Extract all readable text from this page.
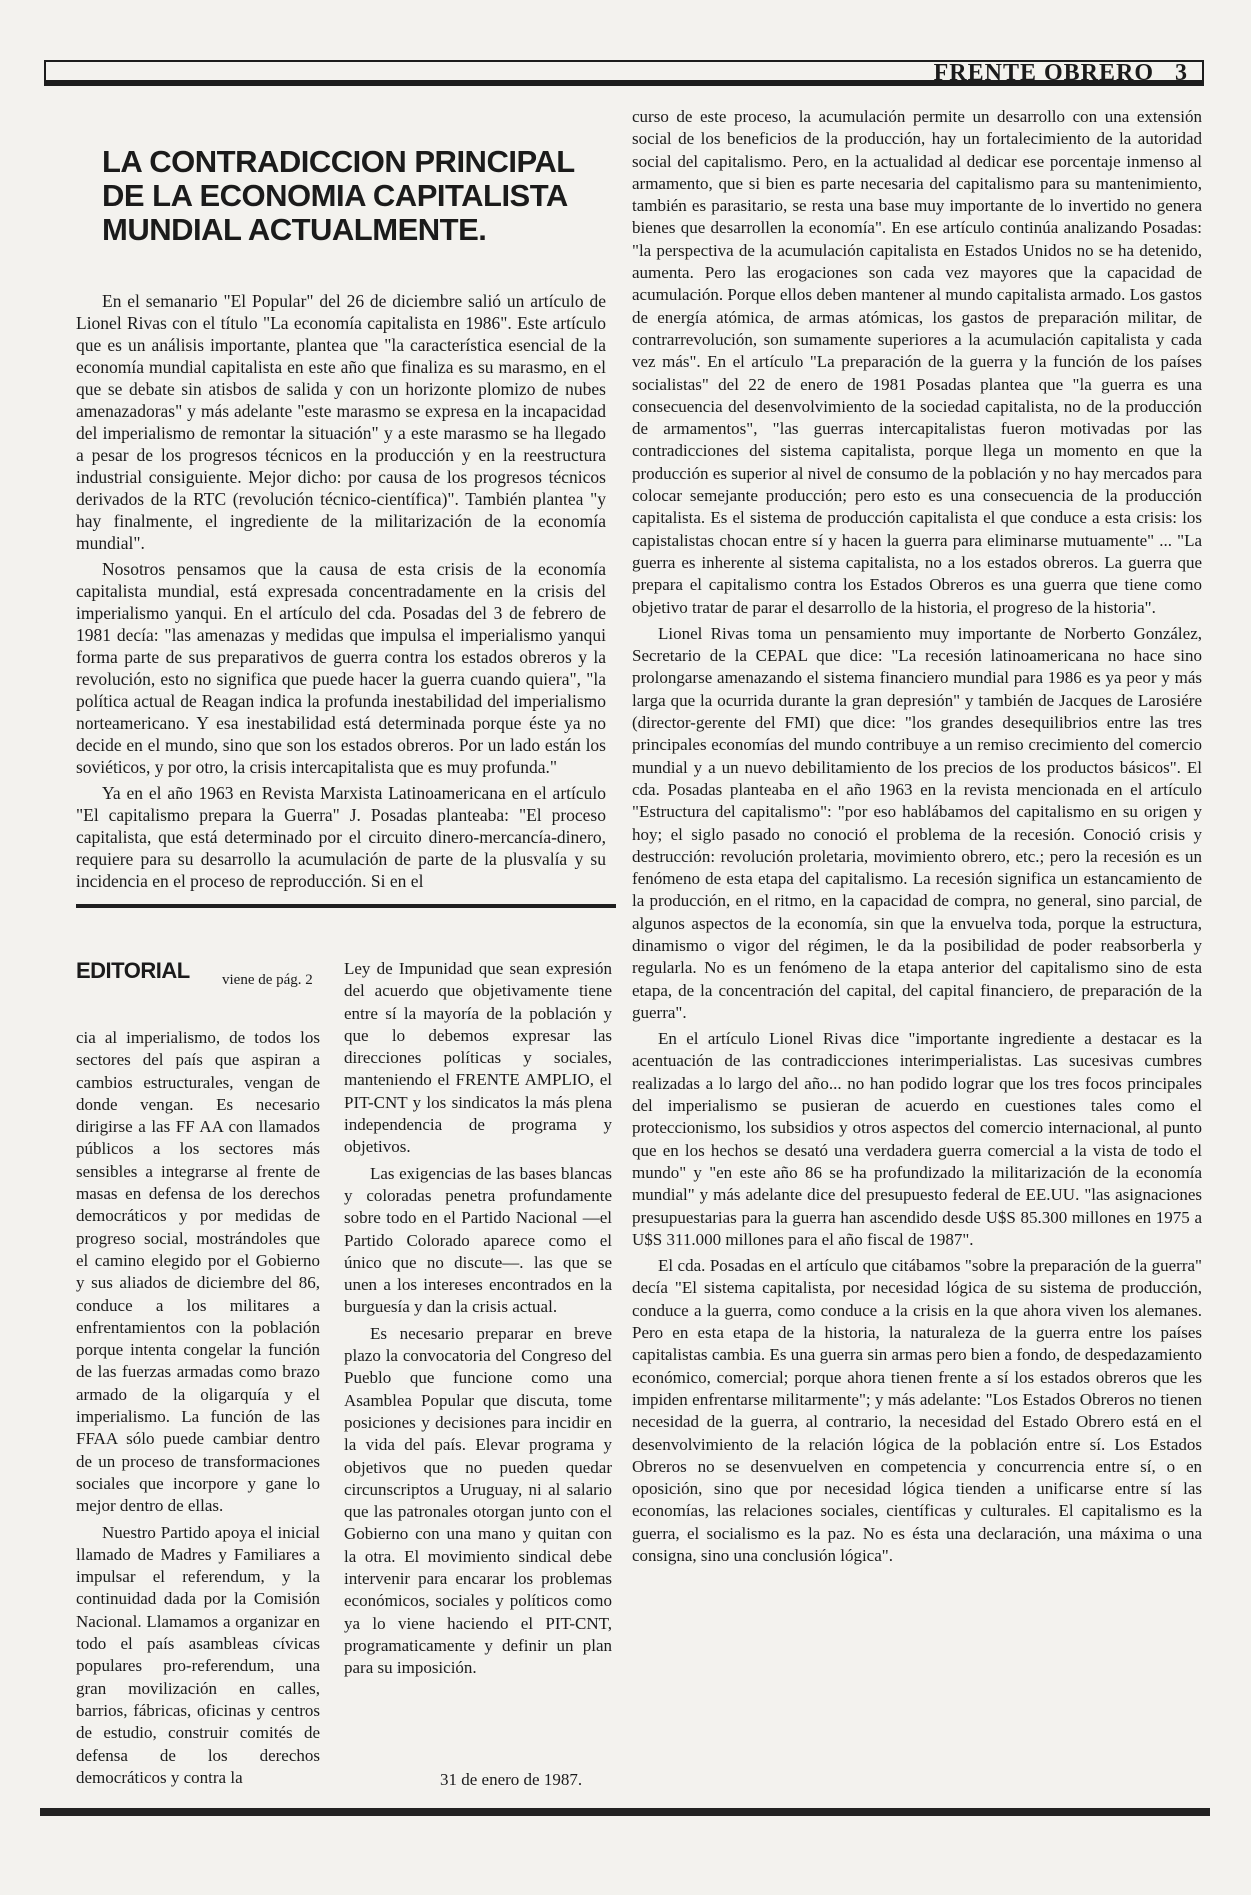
FRENTE OBRERO 3
LA CONTRADICCION PRINCIPAL DE LA ECONOMIA CAPITALISTA MUNDIAL ACTUALMENTE.

En el semanario "El Popular" del 26 de diciembre salió un artículo de Lionel Rivas con el título "La economía capitalista en 1986". Este artículo que es un análisis importante, plantea que "la característica esencial de la economía mundial capitalista en este año que finaliza es su marasmo, en el que se debate sin atisbos de salida y con un horizonte plomizo de nubes amenazadoras" y más adelante "este marasmo se expresa en la incapacidad del imperialismo de remontar la situación" y a este marasmo se ha llegado a pesar de los progresos técnicos en la producción y en la reestructura industrial consiguiente. Mejor dicho: por causa de los progresos técnicos derivados de la RTC (revolución técnico-científica)". También plantea "y hay finalmente, el ingrediente de la militarización de la economía mundial".

Nosotros pensamos que la causa de esta crisis de la economía capitalista mundial, está expresada concentradamente en la crisis del imperialismo yanqui. En el artículo del cda. Posadas del 3 de febrero de 1981 decía: "las amenazas y medidas que impulsa el imperialismo yanqui forma parte de sus preparativos de guerra contra los estados obreros y la revolución, esto no significa que puede hacer la guerra cuando quiera", "la política actual de Reagan indica la profunda inestabilidad del imperialismo norteamericano. Y esa inestabilidad está determinada porque éste ya no decide en el mundo, sino que son los estados obreros. Por un lado están los soviéticos, y por otro, la crisis intercapitalista que es muy profunda."

Ya en el año 1963 en Revista Marxista Latinoamericana en el artículo "El capitalismo prepara la Guerra" J. Posadas planteaba: "El proceso capitalista, que está determinado por el circuito dinero-mercancía-dinero, requiere para su desarrollo la acumulación de parte de la plusvalía y su incidencia en el proceso de reproducción. Si en el

curso de este proceso, la acumulación permite un desarrollo con una extensión social de los beneficios de la producción, hay un fortalecimiento de la autoridad social del capitalismo. Pero, en la actualidad al dedicar ese porcentaje inmenso al armamento, que si bien es parte necesaria del capitalismo para su mantenimiento, también es parasitario, se resta una base muy importante de lo invertido no genera bienes que desarrollen la economía". En ese artículo continúa analizando Posadas: "la perspectiva de la acumulación capitalista en Estados Unidos no se ha detenido, aumenta. Pero las erogaciones son cada vez mayores que la capacidad de acumulación. Porque ellos deben mantener al mundo capitalista armado. Los gastos de energía atómica, de armas atómicas, los gastos de preparación militar, de contrarrevolución, son sumamente superiores a la acumulación capitalista y cada vez más". En el artículo "La preparación de la guerra y la función de los países socialistas" del 22 de enero de 1981 Posadas plantea que "la guerra es una consecuencia del desenvolvimiento de la sociedad capitalista, no de la producción de armamentos", "las guerras intercapitalistas fueron motivadas por las contradicciones del sistema capitalista, porque llega un momento en que la producción es superior al nivel de consumo de la población y no hay mercados para colocar semejante producción; pero esto es una consecuencia de la producción capitalista. Es el sistema de producción capitalista el que conduce a esta crisis: los capistalistas chocan entre sí y hacen la guerra para eliminarse mutuamente" ... "La guerra es inherente al sistema capitalista, no a los estados obreros. La guerra que prepara el capitalismo contra los Estados Obreros es una guerra que tiene como objetivo tratar de parar el desarrollo de la historia, el progreso de la historia".

Lionel Rivas toma un pensamiento muy importante de Norberto González, Secretario de la CEPAL que dice: "La recesión latinoamericana no hace sino prolongarse amenazando el sistema financiero mundial para 1986 es ya peor y más larga que la ocurrida durante la gran depresión" y también de Jacques de Larosiére (director-gerente del FMI) que dice: "los grandes desequilibrios entre las tres principales economías del mundo contribuye a un remiso crecimiento del comercio mundial y a un nuevo debilitamiento de los precios de los productos básicos". El cda. Posadas planteaba en el año 1963 en la revista mencionada en el artículo "Estructura del capitalismo": "por eso hablábamos del capitalismo en su origen y hoy; el siglo pasado no conoció el problema de la recesión. Conoció crisis y destrucción: revolución proletaria, movimiento obrero, etc.; pero la recesión es un fenómeno de esta etapa del capitalismo. La recesión significa un estancamiento de la producción, en el ritmo, en la capacidad de compra, no general, sino parcial, de algunos aspectos de la economía, sin que la envuelva toda, porque la estructura, dinamismo o vigor del régimen, le da la posibilidad de poder reabsorberla y regularla. No es un fenómeno de la etapa anterior del capitalismo sino de esta etapa, de la concentración del capital, del capital financiero, de preparación de la guerra".

En el artículo Lionel Rivas dice "importante ingrediente a destacar es la acentuación de las contradicciones interimperialistas. Las sucesivas cumbres realizadas a lo largo del año... no han podido lograr que los tres focos principales del imperialismo se pusieran de acuerdo en cuestiones tales como el proteccionismo, los subsidios y otros aspectos del comercio internacional, al punto que en los hechos se desató una verdadera guerra comercial a la vista de todo el mundo" y "en este año 86 se ha profundizado la militarización de la economía mundial" y más adelante dice del presupuesto federal de EE.UU. "las asignaciones presupuestarias para la guerra han ascendido desde U$S 85.300 millones en 1975 a U$S 311.000 millones para el año fiscal de 1987".

El cda. Posadas en el artículo que citábamos "sobre la preparación de la guerra" decía "El sistema capitalista, por necesidad lógica de su sistema de producción, conduce a la guerra, como conduce a la crisis en la que ahora viven los alemanes. Pero en esta etapa de la historia, la naturaleza de la guerra entre los países capitalistas cambia. Es una guerra sin armas pero bien a fondo, de despedazamiento económico, comercial; porque ahora tienen frente a sí los estados obreros que les impiden enfrentarse militarmente"; y más adelante: "Los Estados Obreros no tienen necesidad de la guerra, al contrario, la necesidad del Estado Obrero está en el desenvolvimiento de la relación lógica de la población entre sí. Los Estados Obreros no se desenvuelven en competencia y concurrencia entre sí, o en oposición, sino que por necesidad lógica tienden a unificarse entre sí las economías, las relaciones sociales, científicas y culturales. El capitalismo es la guerra, el socialismo es la paz. No es ésta una declaración, una máxima o una consigna, sino una conclusión lógica".

EDITORIAL viene de pág. 2

cia al imperialismo, de todos los sectores del país que aspiran a cambios estructurales, vengan de donde vengan. Es necesario dirigirse a las FF AA con llamados públicos a los sectores más sensibles a integrarse al frente de masas en defensa de los derechos democráticos y por medidas de progreso social, mostrándoles que el camino elegido por el Gobierno y sus aliados de diciembre del 86, conduce a los militares a enfrentamientos con la población porque intenta congelar la función de las fuerzas armadas como brazo armado de la oligarquía y el imperialismo. La función de las FFAA sólo puede cambiar dentro de un proceso de transformaciones sociales que incorpore y gane lo mejor dentro de ellas.

Nuestro Partido apoya el inicial llamado de Madres y Familiares a impulsar el referendum, y la continuidad dada por la Comisión Nacional. Llamamos a organizar en todo el país asambleas cívicas populares pro-referendum, una gran movilización en calles, barrios, fábricas, oficinas y centros de estudio, construir comités de defensa de los derechos democráticos y contra la

Ley de Impunidad que sean expresión del acuerdo que objetivamente tiene entre sí la mayoría de la población y que lo debemos expresar las direcciones políticas y sociales, manteniendo el FRENTE AMPLIO, el PIT-CNT y los sindicatos la más plena independencia de programa y objetivos.

Las exigencias de las bases blancas y coloradas penetra profundamente sobre todo en el Partido Nacional —el Partido Colorado aparece como el único que no discute—. las que se unen a los intereses encontrados en la burguesía y dan la crisis actual.

Es necesario preparar en breve plazo la convocatoria del Congreso del Pueblo que funcione como una Asamblea Popular que discuta, tome posiciones y decisiones para incidir en la vida del país. Elevar programa y objetivos que no pueden quedar circunscriptos a Uruguay, ni al salario que las patronales otorgan junto con el Gobierno con una mano y quitan con la otra. El movimiento sindical debe intervenir para encarar los problemas económicos, sociales y políticos como ya lo viene haciendo el PIT-CNT, programaticamente y definir un plan para su imposición.

31 de enero de 1987.
